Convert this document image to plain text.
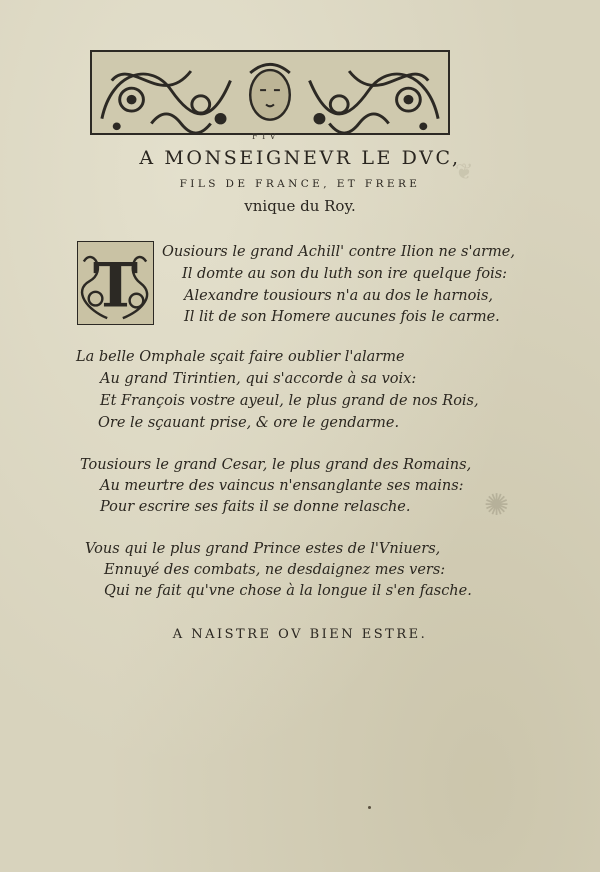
❦
✺
F I V
A MONSEIGNEVR LE DVC,
FILS DE FRANCE, ET FRERE
vnique du Roy.
T Ousiours le grand Achill' contre Ilion ne s'arme,
Il domte au son du luth son ire quelque fois:
Alexandre tousiours n'a au dos le harnois,
Il lit de son Homere aucunes fois le carme.
La belle Omphale sçait faire oublier l'alarme
Au grand Tirintien, qui s'accorde à sa voix:
Et François vostre ayeul, le plus grand de nos Rois,
Ore le sçauant prise, & ore le gendarme.
Tousiours le grand Cesar, le plus grand des Romains,
Au meurtre des vaincus n'ensanglante ses mains:
Pour escrire ses faits il se donne relasche.
Vous qui le plus grand Prince estes de l'Vniuers,
Ennuyé des combats, ne desdaignez mes vers:
Qui ne fait qu'vne chose à la longue il s'en fasche.
A NAISTRE OV BIEN ESTRE.
